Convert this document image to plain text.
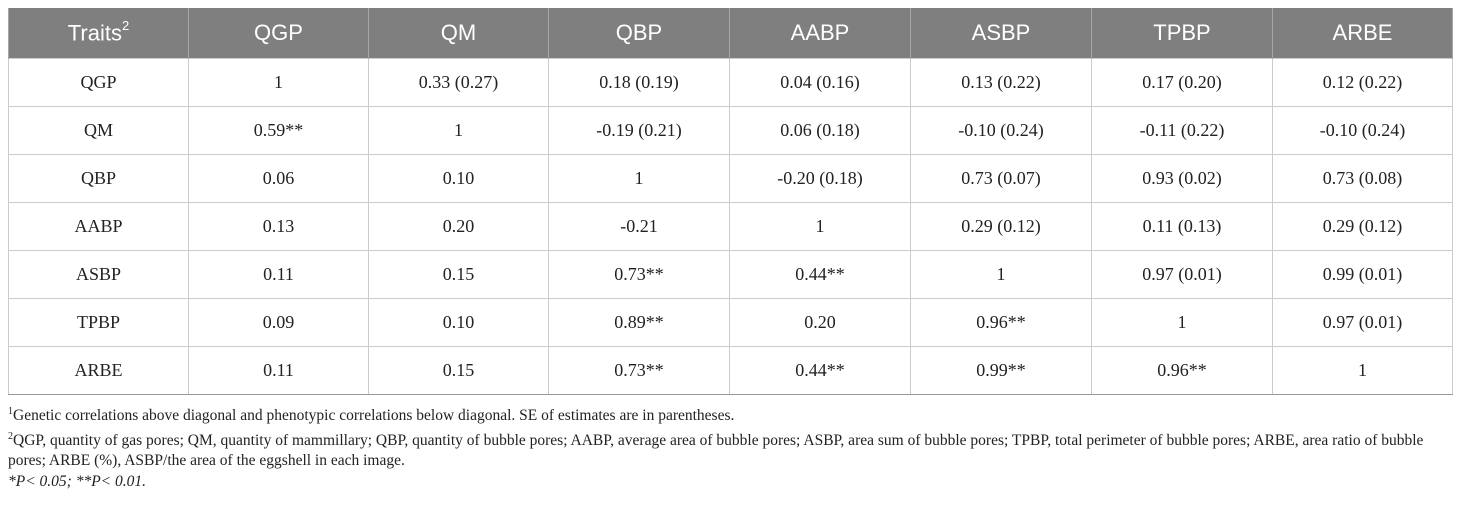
Traits$^2$	QGP	QM	QBP	AABP	ASBP	TPBP	ARBE
QGP	1	0.33 (0.27)	0.18 (0.19)	0.04 (0.16)	0.13 (0.22)	0.17 (0.20)	0.12 (0.22)
QM	0.59**	1	-0.19 (0.21)	0.06 (0.18)	-0.10 (0.24)	-0.11 (0.22)	-0.10 (0.24)
QBP	0.06	0.10	1	-0.20 (0.18)	0.73 (0.07)	0.93 (0.02)	0.73 (0.08)
AABP	0.13	0.20	-0.21	1	0.29 (0.12)	0.11 (0.13)	0.29 (0.12)
ASBP	0.11	0.15	0.73**	0.44**	1	0.97 (0.01)	0.99 (0.01)
TPBP	0.09	0.10	0.89**	0.20	0.96**	1	0.97 (0.01)
ARBE	0.11	0.15	0.73**	0.44**	0.99**	0.96**	1

$^1$Genetic correlations above diagonal and phenotypic correlations below diagonal. SE of estimates are in parentheses.

$^2$QGP, quantity of gas pores; QM, quantity of mammillary; QBP, quantity of bubble pores; AABP, average area of bubble pores; ASBP, area sum of bubble pores; TPBP, total perimeter of bubble pores; ARBE, area ratio of bubble pores; ARBE (%), ASBP/the area of the eggshell in each image.

*P< 0.05; **P< 0.01.
